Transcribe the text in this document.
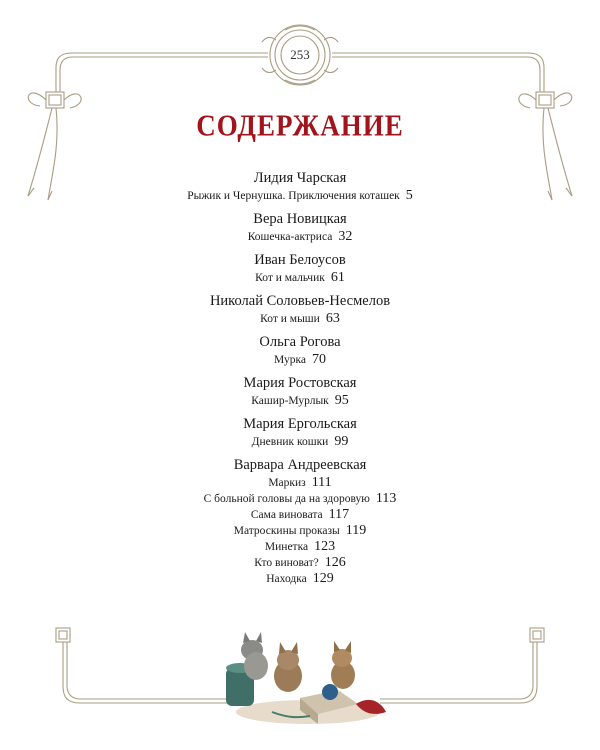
253
СОДЕРЖАНИЕ
Лидия Чарская
Рыжик и Чернушка. Приключения коташек 5
Вера Новицкая
Кошечка-актриса 32
Иван Белоусов
Кот и мальчик 61
Николай Соловьев-Несмелов
Кот и мыши 63
Ольга Рогова
Мурка 70
Мария Ростовская
Кашир-Мурлык 95
Мария Ергольская
Дневник кошки 99
Варвара Андреевская
Маркиз 111
С больной головы да на здоровую 113
Сама виновата 117
Матроскины проказы 119
Минетка 123
Кто виноват? 126
Находка 129
